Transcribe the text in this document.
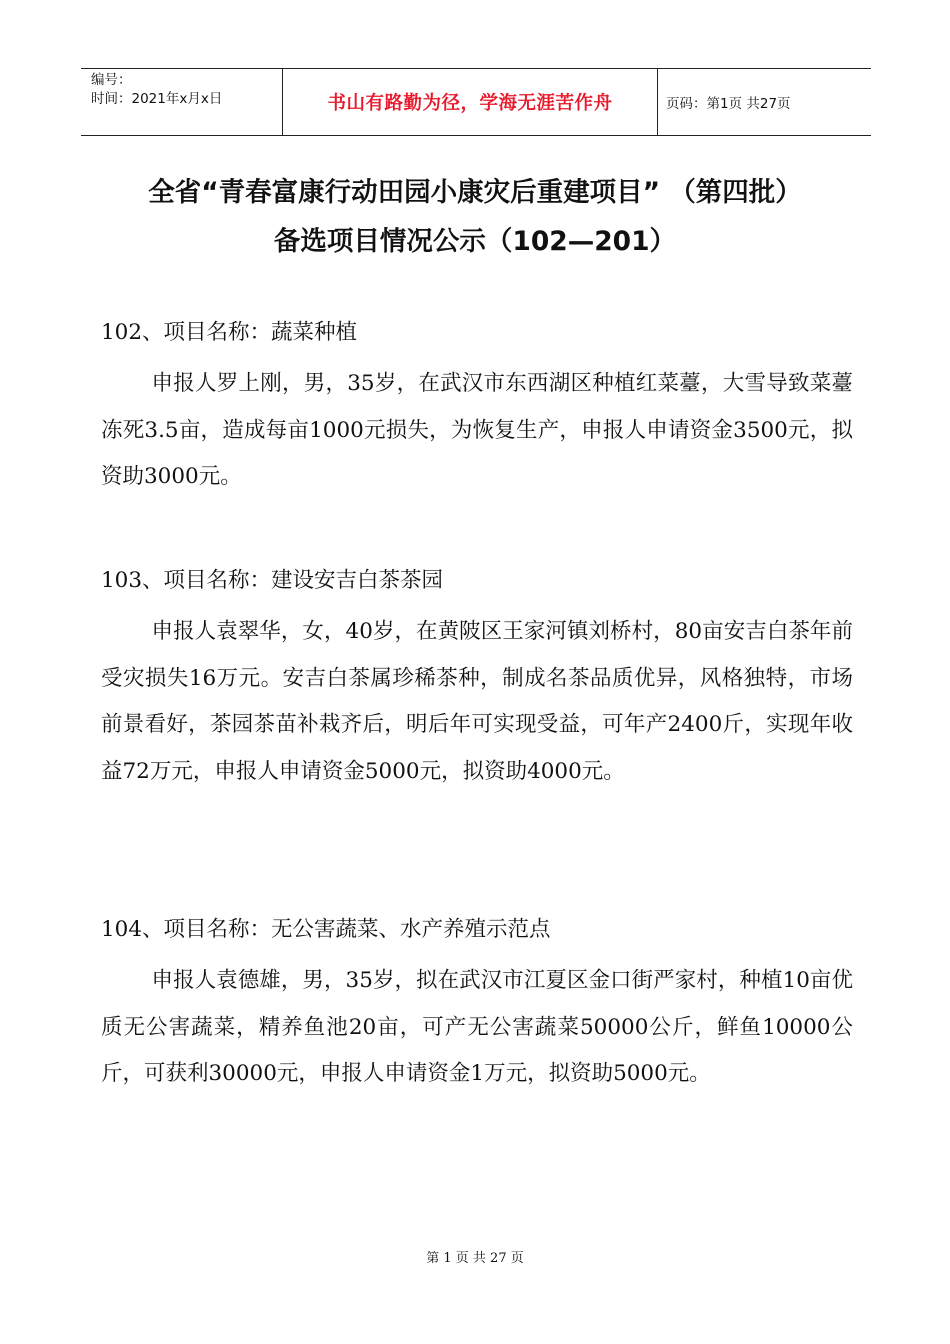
编号：
时间：2021年x月x日	书山有路勤为径，学海无涯苦作舟	页码：第1页 共27页
全省“青春富康行动田园小康灾后重建项目” （第四批）
备选项目情况公示（102—201）
102、项目名称：蔬菜种植
申报人罗上刚，男，35岁，在武汉市东西湖区种植红菜薹，大雪导致菜薹冻死3.5亩，造成每亩1000元损失，为恢复生产，申报人申请资金3500元，拟资助3000元。
103、项目名称：建设安吉白茶茶园
申报人袁翠华，女，40岁，在黄陂区王家河镇刘桥村，80亩安吉白茶年前受灾损失16万元。安吉白茶属珍稀茶种，制成名茶品质优异，风格独特，市场前景看好，茶园茶苗补栽齐后，明后年可实现受益，可年产2400斤，实现年收益72万元，申报人申请资金5000元，拟资助4000元。
104、项目名称：无公害蔬菜、水产养殖示范点
申报人袁德雄，男，35岁，拟在武汉市江夏区金口街严家村，种植10亩优质无公害蔬菜，精养鱼池20亩，可产无公害蔬菜50000公斤，鲜鱼10000公斤，可获利30000元，申报人申请资金1万元，拟资助5000元。
第 1 页 共 27 页
